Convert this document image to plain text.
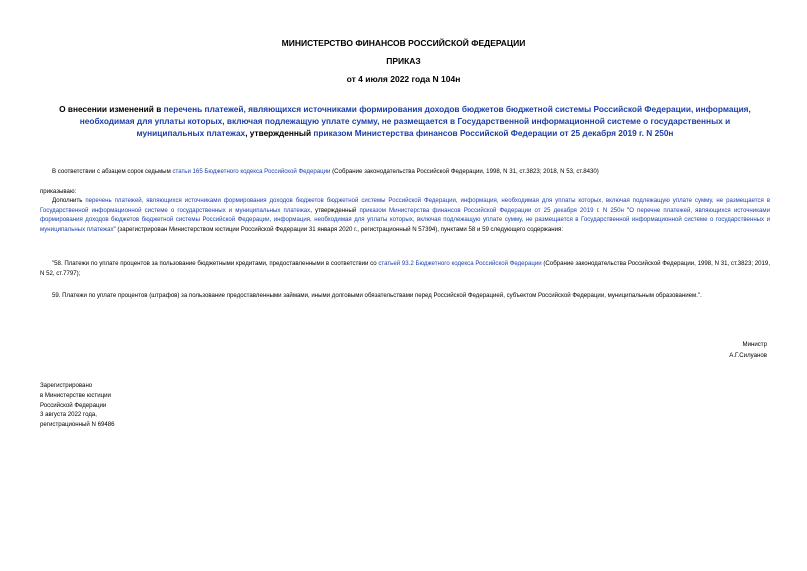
МИНИСТЕРСТВО ФИНАНСОВ РОССИЙСКОЙ ФЕДЕРАЦИИ
ПРИКАЗ
от 4 июля 2022 года N 104н
О внесении изменений в перечень платежей, являющихся источниками формирования доходов бюджетов бюджетной системы Российской Федерации, информация, необходимая для уплаты которых, включая подлежащую уплате сумму, не размещается в Государственной информационной системе о государственных и муниципальных платежах, утвержденный приказом Министерства финансов Российской Федерации от 25 декабря 2019 г. N 250н
В соответствии с абзацем сорок седьмым статьи 165 Бюджетного кодекса Российской Федерации (Собрание законодательства Российской Федерации, 1998, N 31, ст.3823; 2018, N 53, ст.8430)
приказываю:
Дополнить перечень платежей, являющихся источниками формирования доходов бюджетов бюджетной системы Российской Федерации, информация, необходимая для уплаты которых, включая подлежащую уплате сумму, не размещается в Государственной информационной системе о государственных и муниципальных платежах, утвержденный приказом Министерства финансов Российской Федерации от 25 декабря 2019 г. N 250н "О перечне платежей, являющихся источниками формирования доходов бюджетов бюджетной системы Российской Федерации, информация, необходимая для уплаты которых, включая подлежащую уплате сумму, не размещается в Государственной информационной системе о государственных и муниципальных платежах" (зарегистрирован Министерством юстиции Российской Федерации 31 января 2020 г., регистрационный N 57394), пунктами 58 и 59 следующего содержания:
"58. Платежи по уплате процентов за пользование бюджетными кредитами, предоставленными в соответствии со статьей 93.2 Бюджетного кодекса Российской Федерации (Собрание законодательства Российской Федерации, 1998, N 31, ст.3823; 2019, N 52, ст.7797);
59. Платежи по уплате процентов (штрафов) за пользование предоставленными займами, иными долговыми обязательствами перед Российской Федерацией, субъектом Российской Федерации, муниципальным образованием.".
Министр
А.Г.Силуанов
Зарегистрировано
в Министерстве юстиции
Российской Федерации
3 августа 2022 года,
регистрационный N 69486
